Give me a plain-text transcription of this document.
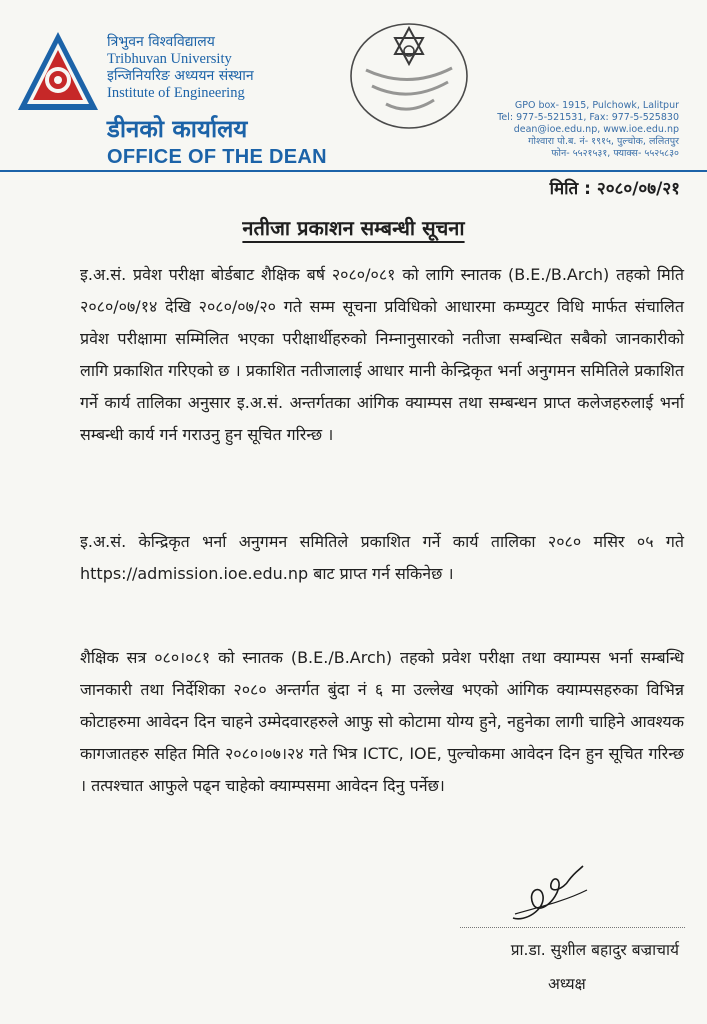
त्रिभुवन विश्वविद्यालय
Tribhuvan University
इन्जिनियरिङ अध्ययन संस्थान
Institute of Engineering
डीनको कार्यालय
OFFICE OF THE DEAN
GPO box- 1915, Pulchowk, Lalitpur
Tel: 977-5-521531, Fax: 977-5-525830
dean@ioe.edu.np, www.ioe.edu.np
गोश्वारा पो.ब. नं- १९१५, पुल्चोक, ललितपुर
फोन- ५५२१५३१, फ्याक्स- ५५२५८३०
मिति : २०८०/०७/२१
नतीजा प्रकाशन सम्बन्धी सूचना
इ.अ.सं. प्रवेश परीक्षा बोर्डबाट शैक्षिक बर्ष २०८०/०८१ को लागि स्नातक (B.E./B.Arch) तहको मिति २०८०/०७/१४ देखि २०८०/०७/२० गते सम्म सूचना प्रविधिको आधारमा कम्प्युटर विधि मार्फत संचालित प्रवेश परीक्षामा सम्मिलित भएका परीक्षार्थीहरुको निम्नानुसारको नतीजा सम्बन्धित सबैको जानकारीको लागि प्रकाशित गरिएको छ । प्रकाशित नतीजालाई आधार मानी केन्द्रिकृत भर्ना अनुगमन समितिले प्रकाशित गर्ने कार्य तालिका अनुसार इ.अ.सं. अन्तर्गतका आंगिक क्याम्पस तथा सम्बन्धन प्राप्त कलेजहरुलाई भर्ना सम्बन्धी कार्य गर्न गराउनु हुन सूचित गरिन्छ ।
इ.अ.सं. केन्द्रिकृत भर्ना अनुगमन समितिले प्रकाशित गर्ने कार्य तालिका २०८० मसिर ०५ गते https://admission.ioe.edu.np बाट प्राप्त गर्न सकिनेछ ।
शैक्षिक सत्र ०८०।०८१ को स्नातक (B.E./B.Arch) तहको प्रवेश परीक्षा तथा क्याम्पस भर्ना सम्बन्धि जानकारी तथा निर्देशिका २०८० अन्तर्गत बुंदा नं ६ मा उल्लेख भएको आंगिक क्याम्पसहरुका विभिन्न कोटाहरुमा आवेदन दिन चाहने उम्मेदवारहरुले आफु सो कोटामा योग्य हुने, नहुनेका लागी चाहिने आवश्यक कागजातहरु सहित मिति २०८०।०७।२४ गते भित्र ICTC, IOE, पुल्चोकमा आवेदन दिन हुन सूचित गरिन्छ । तत्पश्चात आफुले पढ्न चाहेको क्याम्पसमा आवेदन दिनु पर्नेछ।
प्रा.डा. सुशील बहादुर बज्राचार्य
अध्यक्ष
